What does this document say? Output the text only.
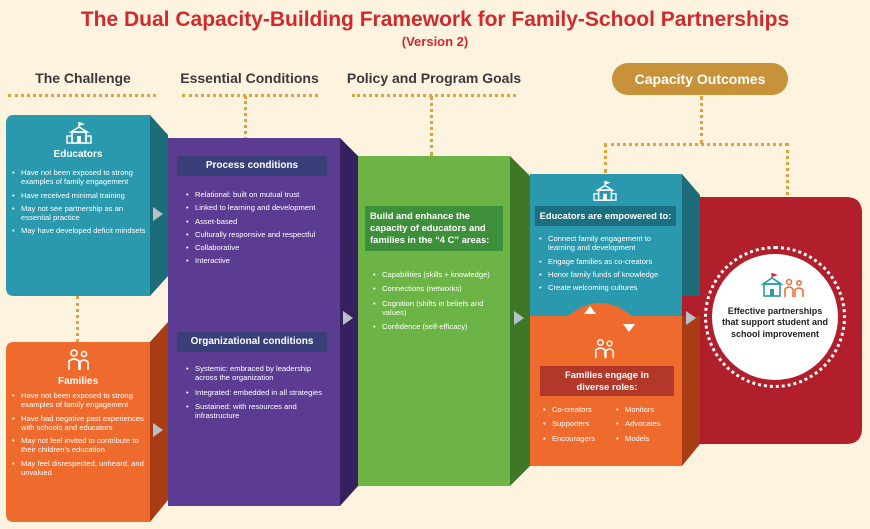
The Dual Capacity-Building Framework for Family-School Partnerships
(Version 2)
The Challenge	Essential Conditions	Policy and Program Goals	Capacity Outcomes
Educators
• Have not been exposed to strong examples of family engagement
• Have received minimal training
• May not see partnership as an essential practice
• May have developed deficit mindsets
Families
• Have not been exposed to strong examples of family engagement
• Have had negative past experiences with schools and educators
• May not feel invited to contribute to their children’s education
• May feel disrespected, unheard, and unvalued
Process conditions
• Relational: built on mutual trust
• Linked to learning and development
• Asset-based
• Culturally responsive and respectful
• Collaborative
• Interactive
Organizational conditions
• Systemic: embraced by leadership across the organization
• Integrated: embedded in all strategies
• Sustained: with resources and infrastructure
Build and enhance the capacity of educators and families in the “4 C” areas:
• Capabilities (skills + knowledge)
• Connections (networks)
• Cognition (shifts in beliefs and values)
• Confidence (self-efficacy)
Educators are empowered to:
• Connect family engagement to learning and development
• Engage families as co-creators
• Honor family funds of knowledge
• Create welcoming cultures
Families engage in diverse roles:
• Co-creators
• Supporters
• Encouragers
• Monitors
• Advocates
• Models
Effective partnerships that support student and school improvement
